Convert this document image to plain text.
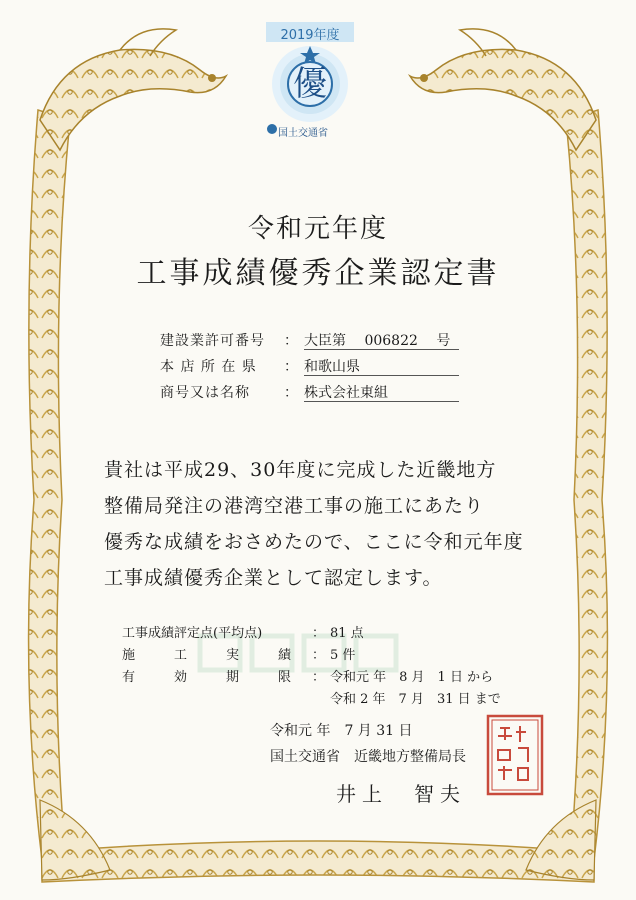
2019年度
優
国土交通省
令和元年度
工事成績優秀企業認定書
建設業許可番号 ： 大臣第 006822 号
本 店 所 在 県 ： 和歌山県
商号又は名称 ： 株式会社東組
貴社は平成29、30年度に完成した近畿地方
整備局発注の港湾空港工事の施工にあたり
優秀な成績をおさめたので、ここに令和元年度
工事成績優秀企業として認定します。
工事成績評定点(平均点)	： 81 点
施　　　工　　　実　　　績 ： 5 件
有　　　効　　　期　　　限 ： 令和元 年　8 月　1 日 から
令和 2 年　7 月　31 日 まで
令和元 年　7 月 31 日
国土交通省　近畿地方整備局長
井上　智夫
